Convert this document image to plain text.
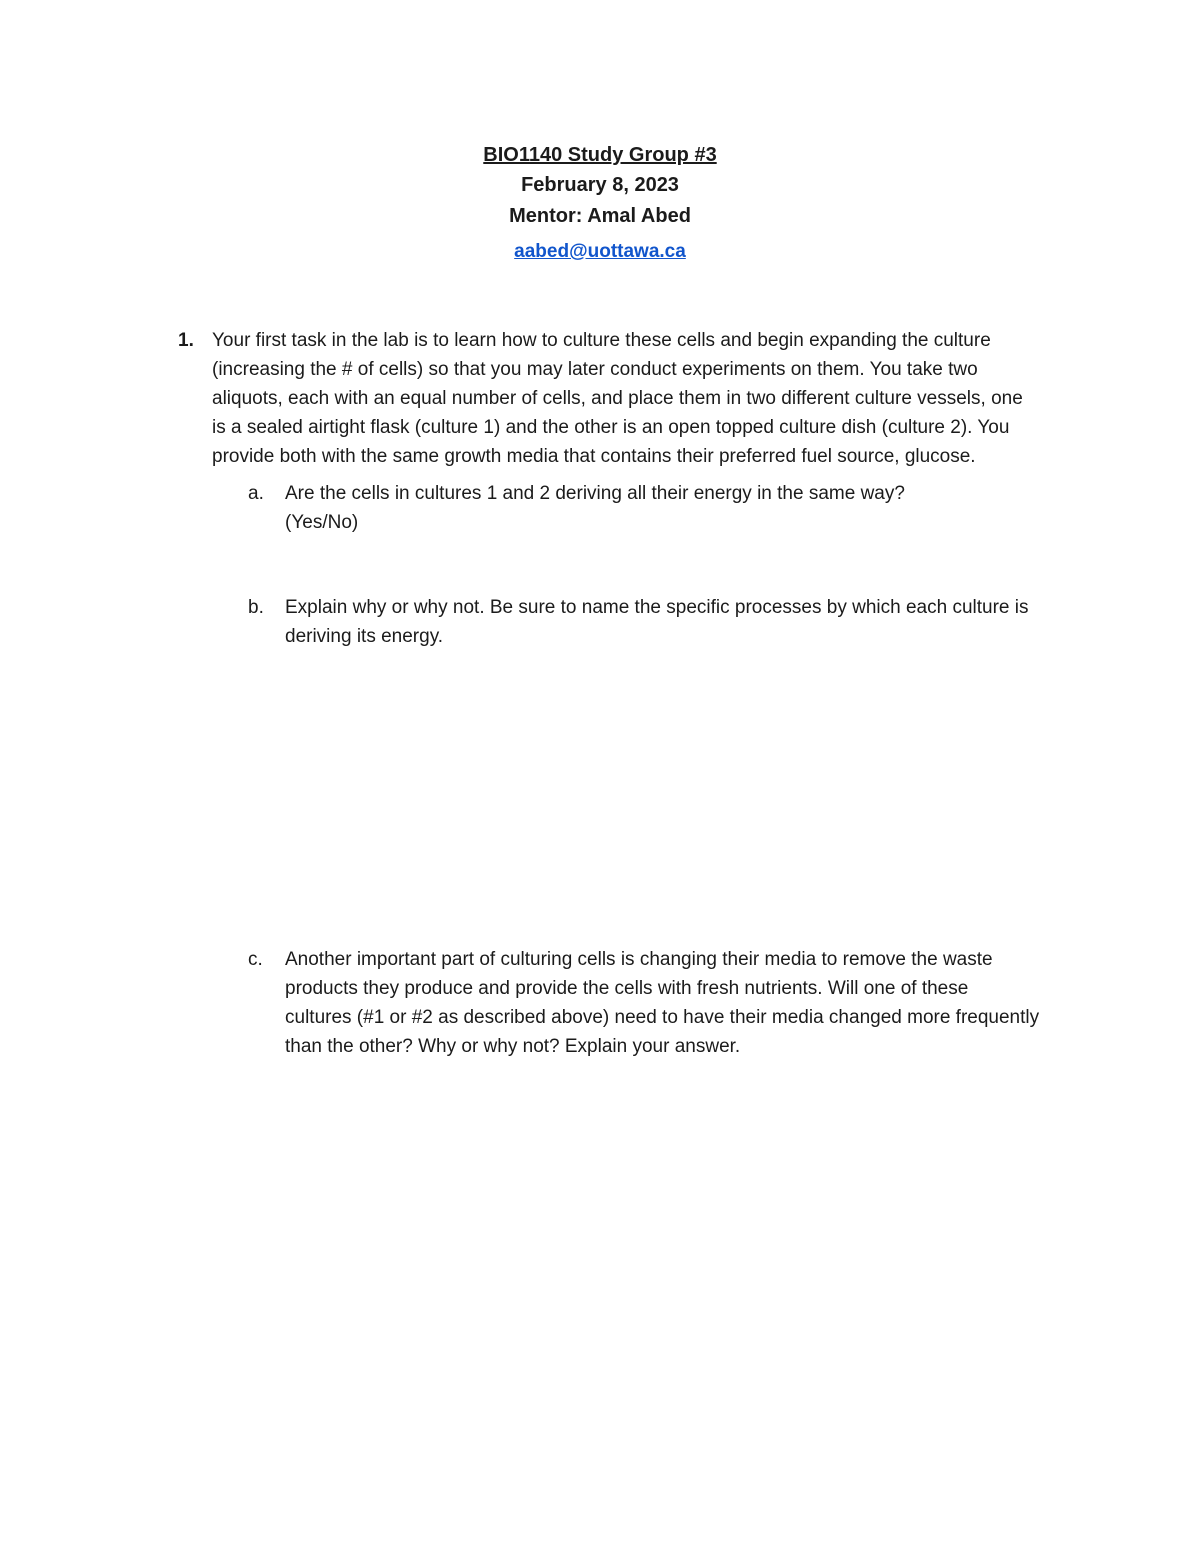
BIO1140 Study Group #3
February 8, 2023
Mentor: Amal Abed
aabed@uottawa.ca
1. Your first task in the lab is to learn how to culture these cells and begin expanding the culture (increasing the # of cells) so that you may later conduct experiments on them. You take two aliquots, each with an equal number of cells, and place them in two different culture vessels, one is a sealed airtight flask (culture 1) and the other is an open topped culture dish (culture 2). You provide both with the same growth media that contains their preferred fuel source, glucose.
a.	Are the cells in cultures 1 and 2 deriving all their energy in the same way?
(Yes/No)
b.	Explain why or why not. Be sure to name the specific processes by which each culture is deriving its energy.
c.	Another important part of culturing cells is changing their media to remove the waste products they produce and provide the cells with fresh nutrients. Will one of these cultures (#1 or #2 as described above) need to have their media changed more frequently than the other? Why or why not? Explain your answer.
